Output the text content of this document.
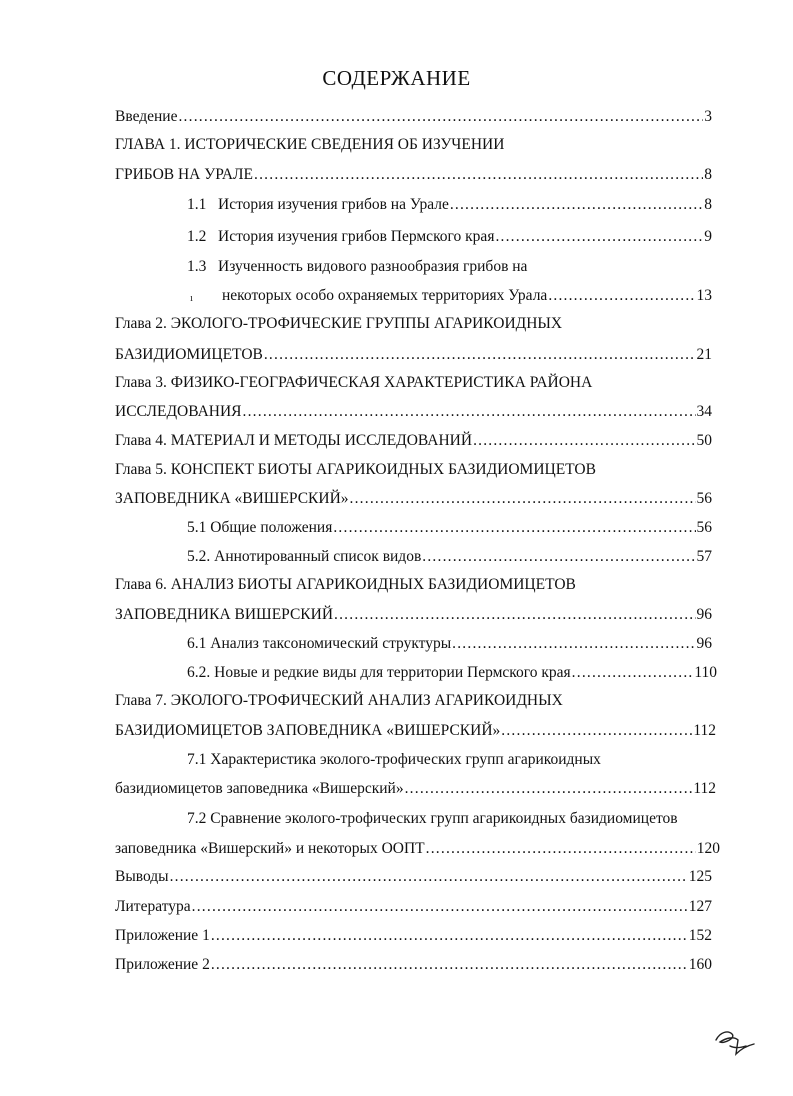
СОДЕРЖАНИЕ
Введение .....	3
ГЛАВА 1. ИСТОРИЧЕСКИЕ СВЕДЕНИЯ ОБ ИЗУЧЕНИИ
ГРИБОВ НА УРАЛЕ .....	8
1.1   История изучения грибов на Урале .....	8
1.2   История изучения грибов Пермского края .....	9
1.3   Изученность видового разнообразия грибов на
некоторых особо охраняемых территориях Урала .....	13
ı
Глава 2. ЭКОЛОГО-ТРОФИЧЕСКИЕ ГРУППЫ АГАРИКОИДНЫХ
БАЗИДИОМИЦЕТОВ .....	21
Глава 3. ФИЗИКО-ГЕОГРАФИЧЕСКАЯ ХАРАКТЕРИСТИКА РАЙОНА
ИССЛЕДОВАНИЯ .....	34
Глава 4. МАТЕРИАЛ И МЕТОДЫ ИССЛЕДОВАНИЙ .....	50
Глава 5. КОНСПЕКТ БИОТЫ АГАРИКОИДНЫХ БАЗИДИОМИЦЕТОВ
ЗАПОВЕДНИКА «ВИШЕРСКИЙ» .....	56
5.1 Общие положения .....	56
5.2. Аннотированный список видов .....	57
Глава 6. АНАЛИЗ БИОТЫ АГАРИКОИДНЫХ БАЗИДИОМИЦЕТОВ
ЗАПОВЕДНИКА ВИШЕРСКИЙ .....	96
6.1 Анализ таксономический структуры .....	96
6.2. Новые и редкие виды для территории Пермского края .....	110
Глава 7. ЭКОЛОГО-ТРОФИЧЕСКИЙ АНАЛИЗ АГАРИКОИДНЫХ
БАЗИДИОМИЦЕТОВ ЗАПОВЕДНИКА «ВИШЕРСКИЙ» .....	112
7.1 Характеристика эколого-трофических групп агарикоидных
базидиомицетов заповедника «Вишерский» .....	112
7.2 Сравнение эколого-трофических групп агарикоидных базидиомицетов
заповедника «Вишерский» и некоторых ООПТ .....	120
Выводы .....	125
Литература .....	127
Приложение 1 .....	152
Приложение 2 .....	160
